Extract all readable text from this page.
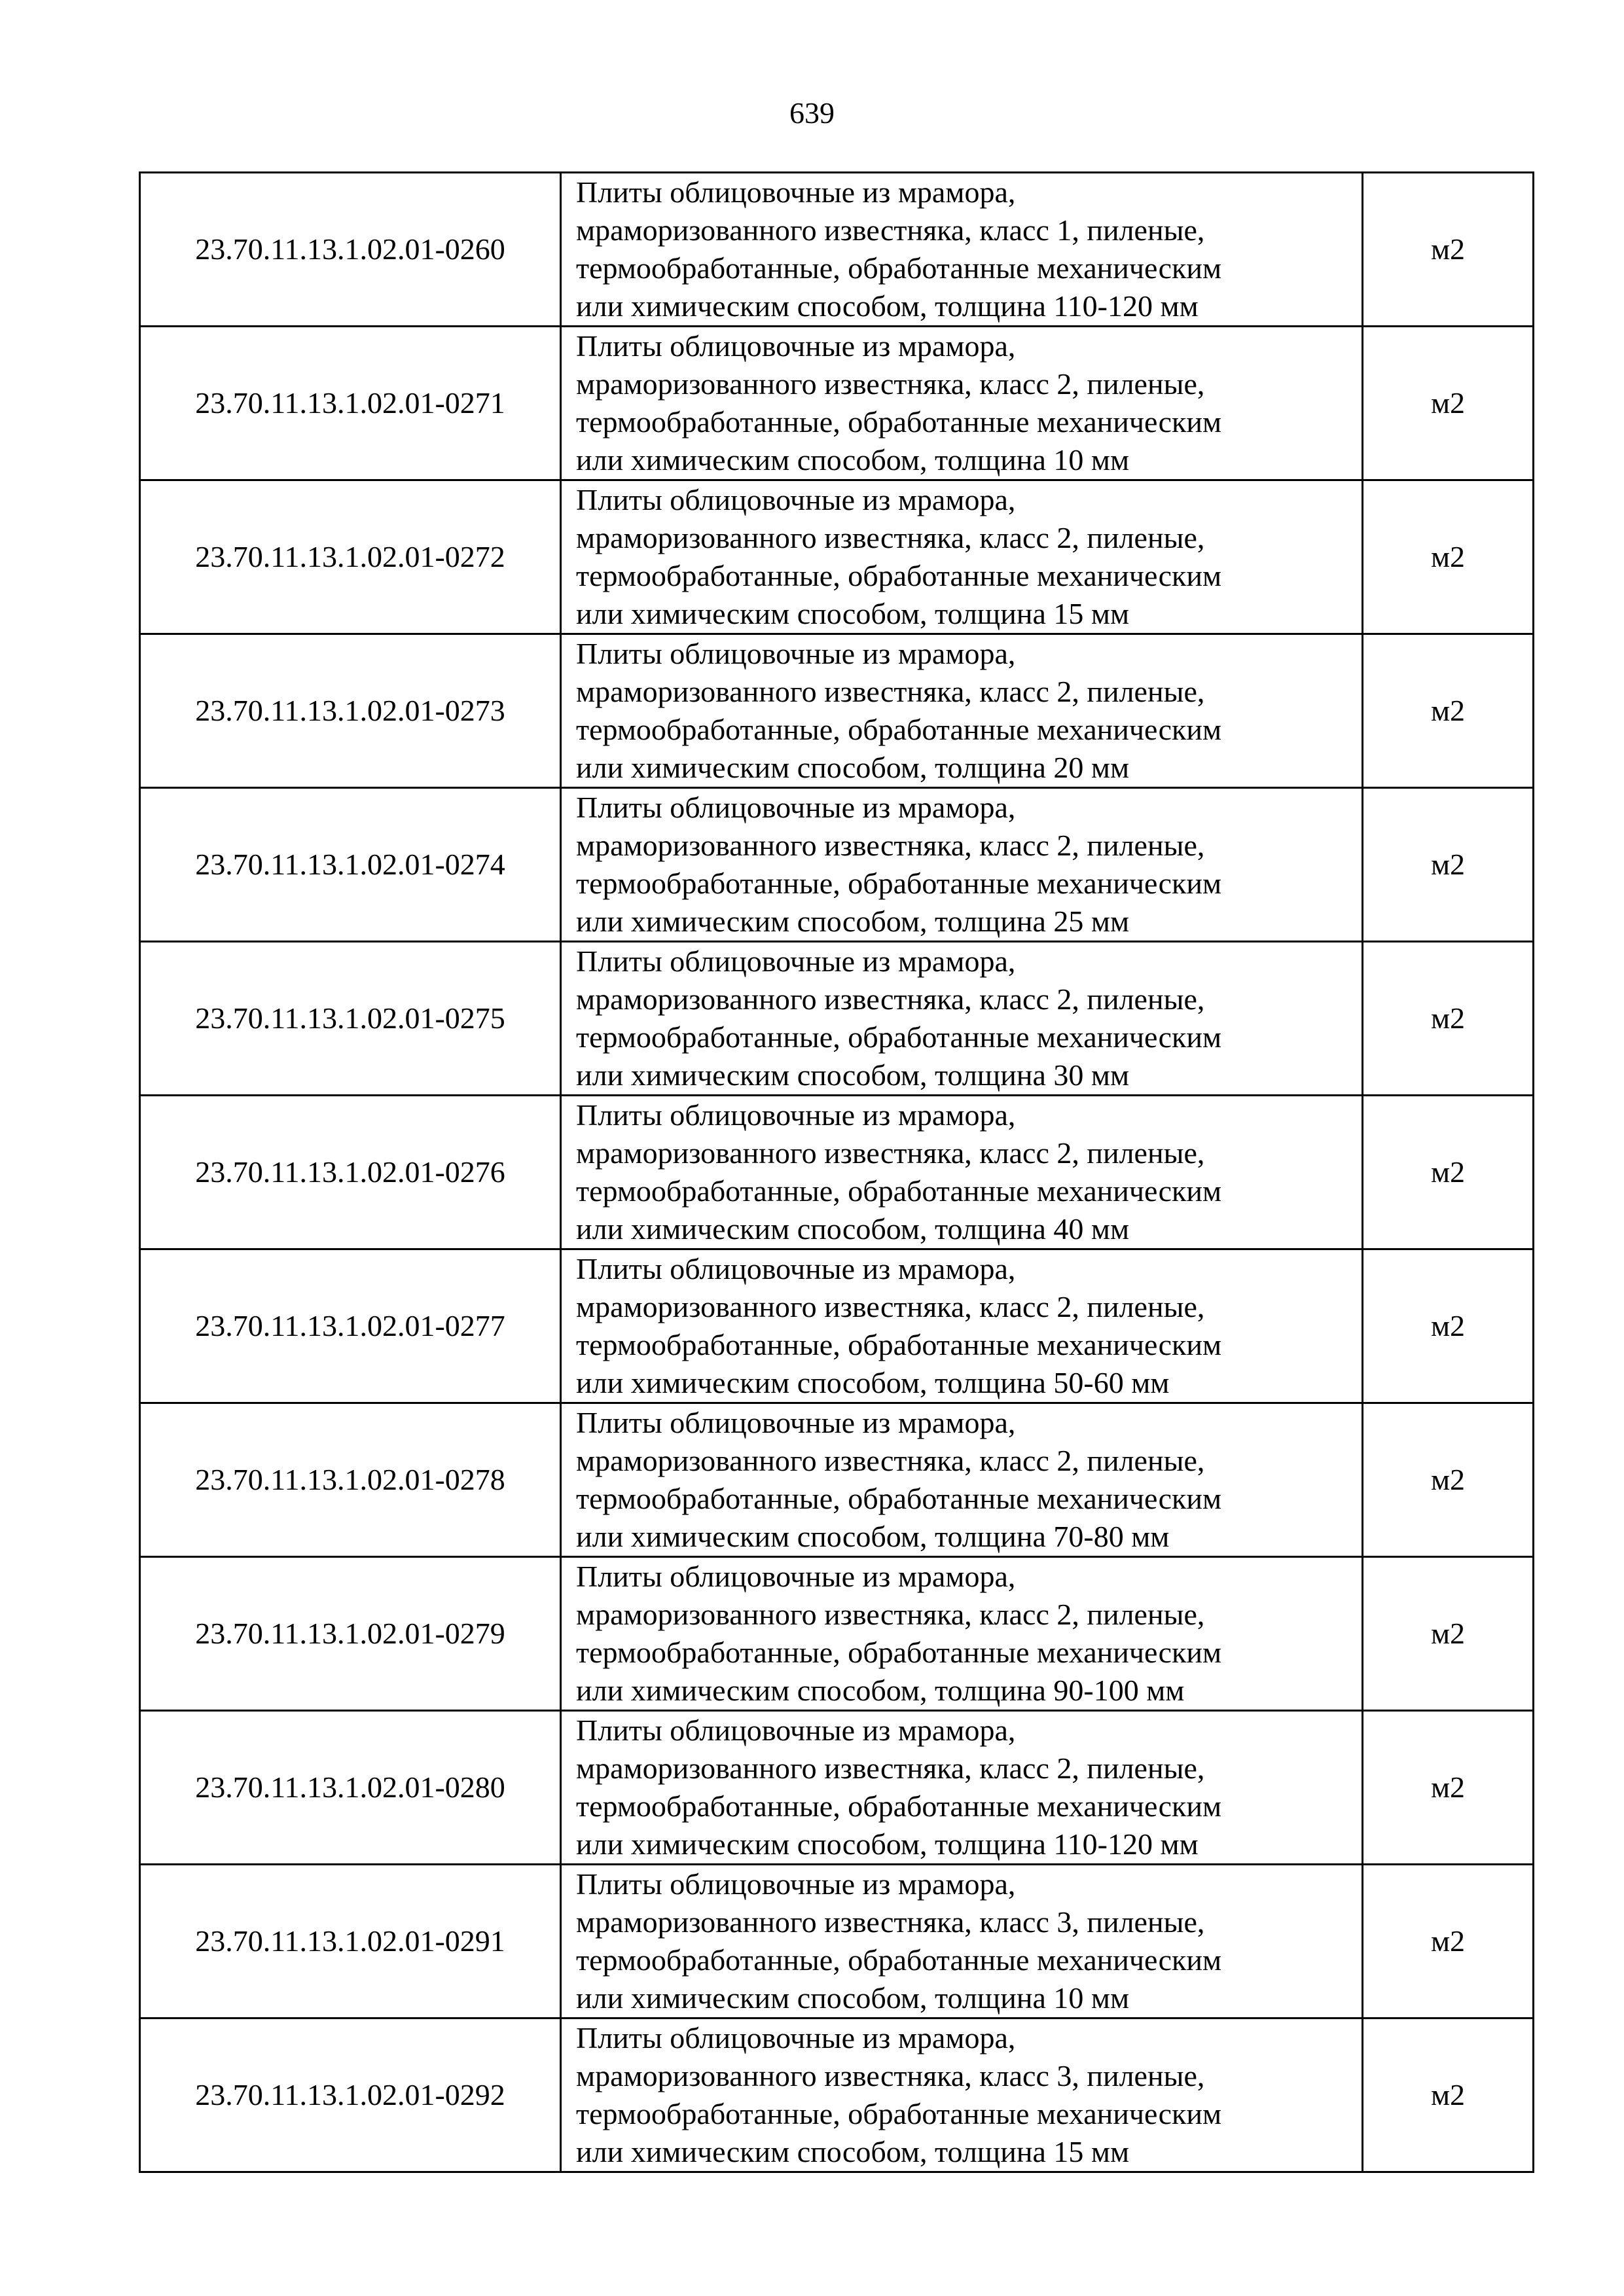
639
23.70.11.13.1.02.01-0260	Плиты облицовочные из мрамора,
мраморизованного известняка, класс 1, пиленые,
термообработанные, обработанные механическим
или химическим способом, толщина 110-120 мм	м2
23.70.11.13.1.02.01-0271	Плиты облицовочные из мрамора,
мраморизованного известняка, класс 2, пиленые,
термообработанные, обработанные механическим
или химическим способом, толщина 10 мм	м2
23.70.11.13.1.02.01-0272	Плиты облицовочные из мрамора,
мраморизованного известняка, класс 2, пиленые,
термообработанные, обработанные механическим
или химическим способом, толщина 15 мм	м2
23.70.11.13.1.02.01-0273	Плиты облицовочные из мрамора,
мраморизованного известняка, класс 2, пиленые,
термообработанные, обработанные механическим
или химическим способом, толщина 20 мм	м2
23.70.11.13.1.02.01-0274	Плиты облицовочные из мрамора,
мраморизованного известняка, класс 2, пиленые,
термообработанные, обработанные механическим
или химическим способом, толщина 25 мм	м2
23.70.11.13.1.02.01-0275	Плиты облицовочные из мрамора,
мраморизованного известняка, класс 2, пиленые,
термообработанные, обработанные механическим
или химическим способом, толщина 30 мм	м2
23.70.11.13.1.02.01-0276	Плиты облицовочные из мрамора,
мраморизованного известняка, класс 2, пиленые,
термообработанные, обработанные механическим
или химическим способом, толщина 40 мм	м2
23.70.11.13.1.02.01-0277	Плиты облицовочные из мрамора,
мраморизованного известняка, класс 2, пиленые,
термообработанные, обработанные механическим
или химическим способом, толщина 50-60 мм	м2
23.70.11.13.1.02.01-0278	Плиты облицовочные из мрамора,
мраморизованного известняка, класс 2, пиленые,
термообработанные, обработанные механическим
или химическим способом, толщина 70-80 мм	м2
23.70.11.13.1.02.01-0279	Плиты облицовочные из мрамора,
мраморизованного известняка, класс 2, пиленые,
термообработанные, обработанные механическим
или химическим способом, толщина 90-100 мм	м2
23.70.11.13.1.02.01-0280	Плиты облицовочные из мрамора,
мраморизованного известняка, класс 2, пиленые,
термообработанные, обработанные механическим
или химическим способом, толщина 110-120 мм	м2
23.70.11.13.1.02.01-0291	Плиты облицовочные из мрамора,
мраморизованного известняка, класс 3, пиленые,
термообработанные, обработанные механическим
или химическим способом, толщина 10 мм	м2
23.70.11.13.1.02.01-0292	Плиты облицовочные из мрамора,
мраморизованного известняка, класс 3, пиленые,
термообработанные, обработанные механическим
или химическим способом, толщина 15 мм	м2
